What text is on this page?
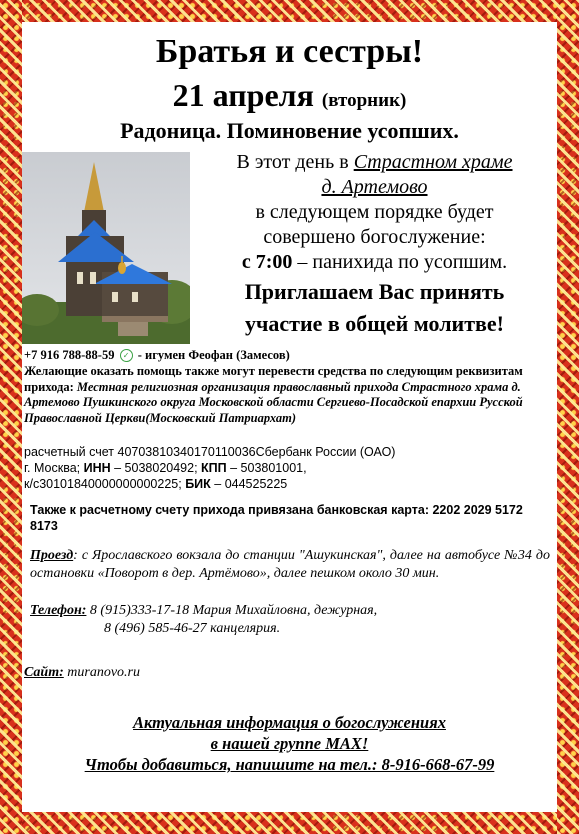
Братья и сестры!
21 апреля (вторник)
Радоница. Поминовение усопших.
В этот день в Страстном храме
д. Артемово
в следующем порядке будет
совершено богослужение:
с 7:00 – панихида по усопшим.
Приглашаем Вас принять
участие в общей молитве!
+7 916 788-88-59 ✓ - игумен Феофан (Замесов)
Желающие оказать помощь также могут перевести средства по следующим реквизитам прихода: Местная религиозная организация православный прихода Страстного храма д. Артемово Пушкинского округа Московской области Сергиево-Посадской епархии Русской Православной Церкви(Московский Патриархат)
расчетный счет 40703810340170110036Сбербанк России (ОАО)
г. Москва; ИНН – 5038020492; КПП – 503801001,
к/с30101840000000000225; БИК – 044525225
Также к расчетному счету прихода привязана банковская карта: 2202 2029 5172 8173
Проезд: с Ярославского вокзала до станции "Ашукинская", далее на автобусе №34 до остановки «Поворот в дер. Артёмово», далее пешком около 30 мин.
Телефон: 8 (915)333-17-18 Мария Михайловна, дежурная,
8 (496) 585-46-27 канцелярия.
Сайт: muranovo.ru
Актуальная информация о богослужениях
в нашей группе MAX!
Чтобы добавиться, напишите на тел.: 8-916-668-67-99
